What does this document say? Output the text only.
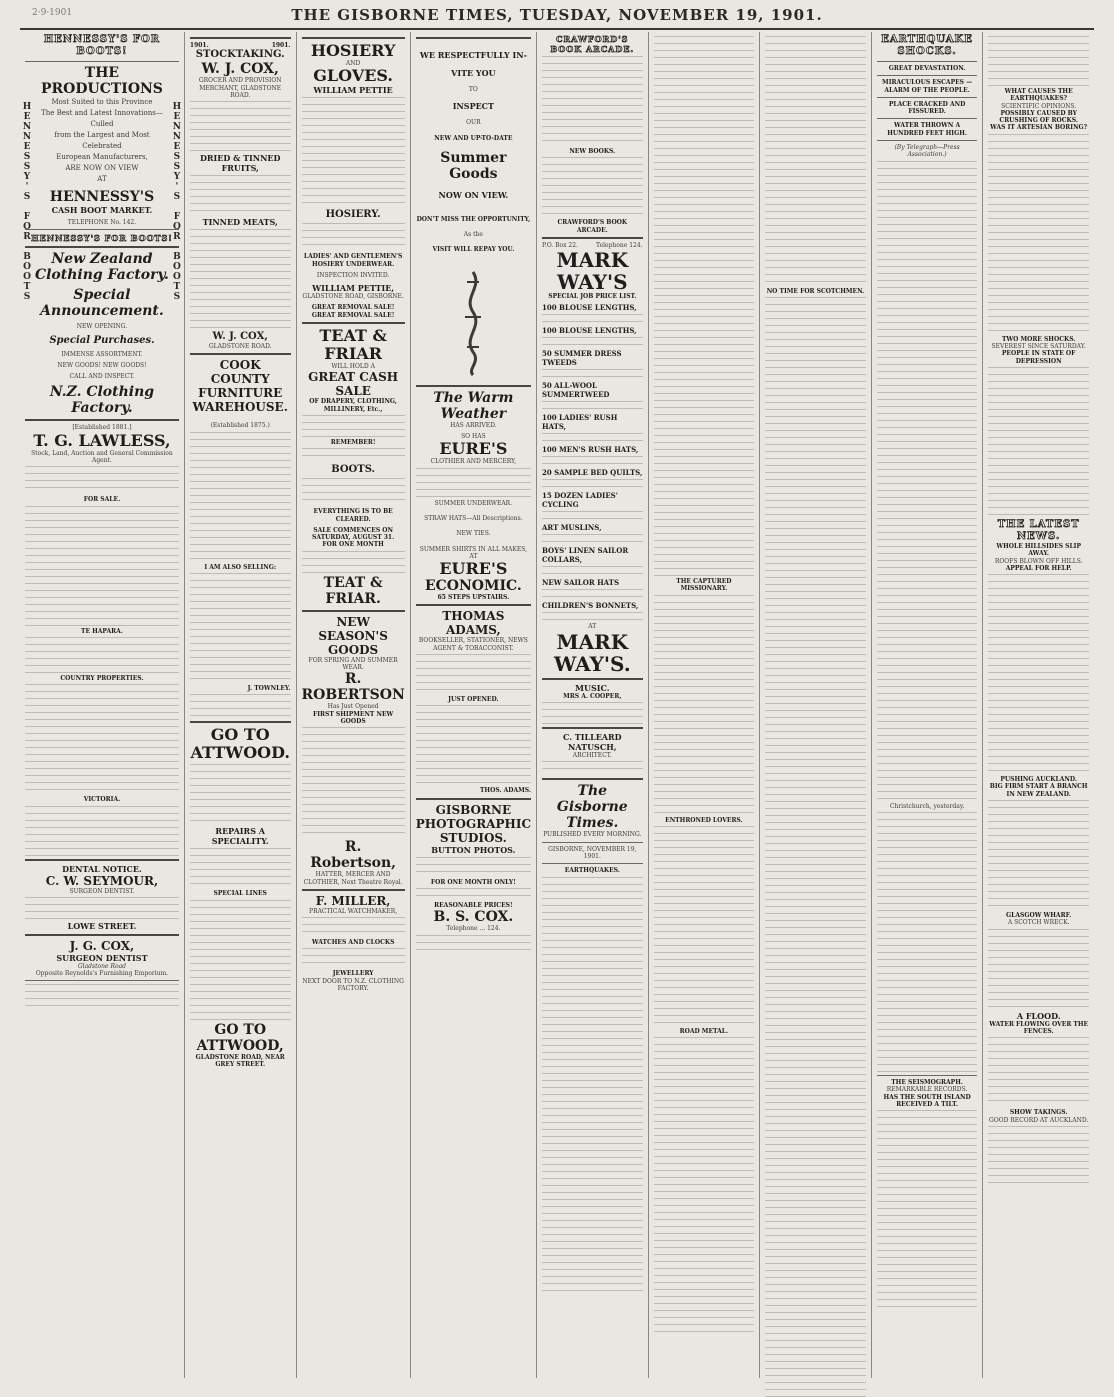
2·9·1901	THE GISBORNE TIMES, TUESDAY, NOVEMBER 19, 1901.
HENNESSY'S FOR BOOTS!
HENNESSY'S FOR BOOTS	HENNESSY'S FOR BOOTS
THE PRODUCTIONS
Most Suited to this Province
The Best and Latest Innovations—Culled
from the Largest and Most Celebrated
European Manufacturers,
ARE NOW ON VIEW
AT
HENNESSY'S
CASH BOOT MARKET.
TELEPHONE No. 142.
HENNESSY'S FOR BOOTS!
New Zealand Clothing Factory.
Special Announcement.
NEW OPENING.
Special Purchases.
IMMENSE ASSORTMENT.
NEW GOODS! NEW GOODS!
CALL AND INSPECT.
N.Z. Clothing Factory.
[Established 1881.]
T. G. LAWLESS,
Stock, Land, Auction and General Commission Agent.
FOR SALE.
TE HAPARA.
COUNTRY PROPERTIES.
VICTORIA.
DENTAL NOTICE.
C. W. SEYMOUR,
SURGEON DENTIST.
LOWE STREET.
J. G. COX,
SURGEON DENTIST
Gladstone Road
Opposite Reynolds's Furnishing Emporium.
1901.	1901.
STOCKTAKING.
W. J. COX,
GROCER AND PROVISION MERCHANT, GLADSTONE ROAD.
DRIED & TINNED FRUITS,
TINNED MEATS,
W. J. COX,
GLADSTONE ROAD.
COOK COUNTY
FURNITURE
WAREHOUSE.
(Established 1875.)
I AM ALSO SELLING:
J. TOWNLEY.
GO TO ATTWOOD.
REPAIRS A SPECIALITY.
SPECIAL LINES
GO TO ATTWOOD,
GLADSTONE ROAD, NEAR GREY STREET.
HOSIERY
AND
GLOVES.
WILLIAM PETTIE
HOSIERY.
LADIES' AND GENTLEMEN'S HOSIERY UNDERWEAR.
INSPECTION INVITED.
WILLIAM PETTIE,
GLADSTONE ROAD, GISBORNE.
GREAT REMOVAL SALE!
GREAT REMOVAL SALE!
TEAT & FRIAR
WILL HOLD A
GREAT CASH SALE
OF DRAPERY, CLOTHING, MILLINERY, Etc.,
REMEMBER!
BOOTS.
EVERYTHING IS TO BE CLEARED.
SALE COMMENCES ON SATURDAY, AUGUST 31.
FOR ONE MONTH
TEAT & FRIAR.
NEW SEASON'S GOODS
FOR SPRING AND SUMMER WEAR.
R. ROBERTSON
Has Just Opened
FIRST SHIPMENT NEW GOODS
R. Robertson,
HATTER, MERCER AND CLOTHIER, Next Theatre Royal.
F. MILLER,
PRACTICAL WATCHMAKER,
WATCHES AND CLOCKS
JEWELLERY
NEXT DOOR TO N.Z. CLOTHING FACTORY.
WE RESPECTFULLY IN-
VITE YOU
TO
INSPECT
OUR
NEW AND UP-TO-DATE
Summer Goods
NOW ON VIEW.
DON'T MISS THE OPPORTUNITY,
As the
VISIT WILL REPAY YOU.
The Warm Weather
HAS ARRIVED.
SO HAS
EURE'S
CLOTHIER AND MERCERY,
SUMMER UNDERWEAR.
STRAW HATS—All Descriptions.
NEW TIES.
SUMMER SHIRTS IN ALL MAKES,
AT
EURE'S
ECONOMIC.
65 STEPS UPSTAIRS.
THOMAS ADAMS,
BOOKSELLER, STATIONER, NEWS AGENT & TOBACCONIST.
JUST OPENED.
THOS. ADAMS.
GISBORNE PHOTOGRAPHIC STUDIOS.
BUTTON PHOTOS.
FOR ONE MONTH ONLY!
REASONABLE PRICES!
B. S. COX.
Telephone ... 124.
CRAWFORD'S BOOK ARCADE.
NEW BOOKS.
CRAWFORD'S BOOK ARCADE.
P.O. Box 22.	Telephone 124.
MARK WAY'S
SPECIAL JOB PRICE LIST.
100 BLOUSE LENGTHS,
100 BLOUSE LENGTHS,
50 SUMMER DRESS TWEEDS
50 ALL-WOOL SUMMERTWEED
100 LADIES' RUSH HATS,
100 MEN'S RUSH HATS,
20 SAMPLE BED QUILTS,
15 DOZEN LADIES' CYCLING
ART MUSLINS,
BOYS' LINEN SAILOR COLLARS,
NEW SAILOR HATS
CHILDREN'S BONNETS,
AT
MARK WAY'S.
MUSIC.
MRS A. COOPER,
C. TILLEARD NATUSCH,
ARCHITECT.
The Gisborne Times.
PUBLISHED EVERY MORNING.
GISBORNE, NOVEMBER 19, 1901.
EARTHQUAKES.
THE CAPTURED MISSIONARY.
ENTHRONED LOVERS.
ROAD METAL.
NO TIME FOR SCOTCHMEN.
EARTHQUAKE SHOCKS.
GREAT DEVASTATION.
MIRACULOUS ESCAPES — ALARM OF THE PEOPLE.
PLACE CRACKED AND FISSURED.
WATER THROWN A HUNDRED FEET HIGH.
(By Telegraph—Press Association.)
Christchurch, yesterday.
THE SEISMOGRAPH.
REMARKABLE RECORDS.
HAS THE SOUTH ISLAND RECEIVED A TILT.
WHAT CAUSES THE EARTHQUAKES?
SCIENTIFIC OPINIONS.
POSSIBLY CAUSED BY CRUSHING OF ROCKS.
WAS IT ARTESIAN BORING?
TWO MORE SHOCKS.
SEVEREST SINCE SATURDAY.
PEOPLE IN STATE OF DEPRESSION
THE LATEST NEWS.
WHOLE HILLSIDES SLIP AWAY.
ROOFS BLOWN OFF HILLS.
APPEAL FOR HELP.
PUSHING AUCKLAND.
BIG FIRM START A BRANCH IN NEW ZEALAND.
GLASGOW WHARF.
A SCOTCH WRECK.
A FLOOD.
WATER FLOWING OVER THE FENCES.
SHOW TAKINGS.
GOOD RECORD AT AUCKLAND.
